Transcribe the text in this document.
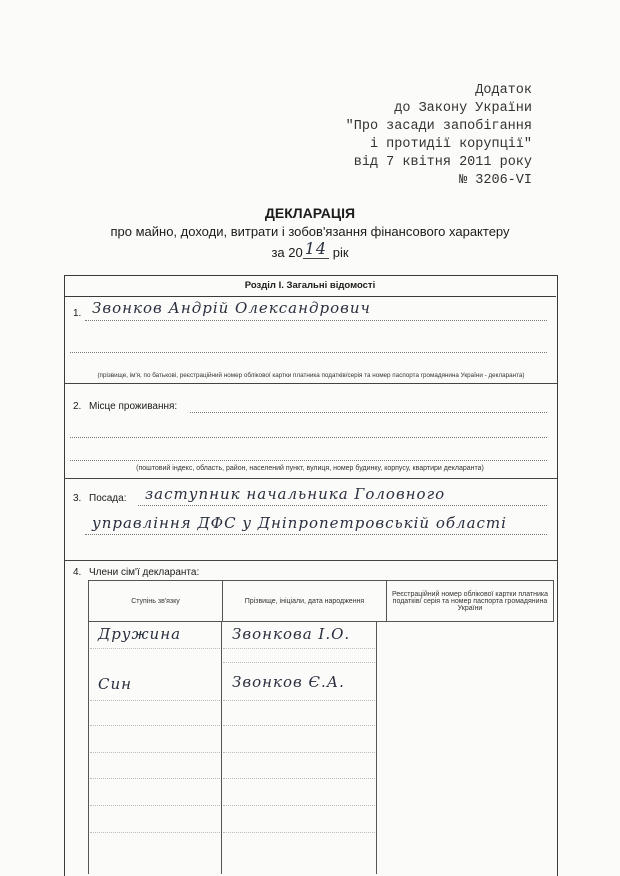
Додаток
до Закону України
"Про засади запобігання
і протидії корупції"
від 7 квітня 2011 року
№ 3206-VI
ДЕКЛАРАЦІЯ
про майно, доходи, витрати і зобов'язання фінансового характеру
за 20 14 рік
Розділ І. Загальні відомості
1. Звонков Андрій Олександрович
(прізвище, ім'я, по батькові, реєстраційний номер облікової картки платника податків/серія та номер паспорта громадянина України - декларанта)
2. Місце проживання:
(поштовий індекс, область, район, населений пункт, вулиця, номер будинку, корпусу, квартири декларанта)
3. Посада: заступник начальника Головного
управління ДФС у Дніпропетровській області
4. Члени сім'ї декларанта:
Ступінь зв'язку	Прізвище, ініціали, дата народження	Реєстраційний номер облікової картки платника податків/ серія та номер паспорта громадянина України
Дружина	Звонкова І.О.
Син	Звонков Є.А.
